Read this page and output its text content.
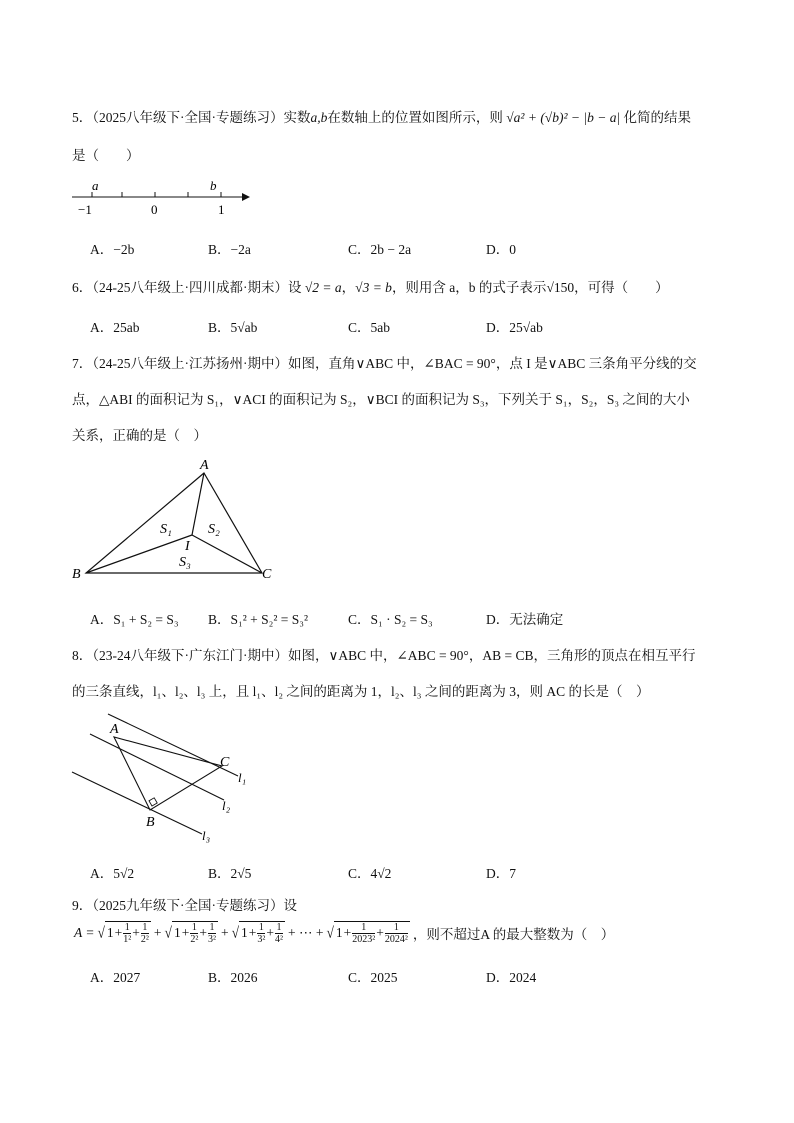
5．（2025八年级下·全国·专题练习）实数a,b在数轴上的位置如图所示，则 √a² + (√b)² − |b − a| 化简的结果
是（　　）
a	b
−1	0	1
A．−2b	B．−2a	C．2b − 2a	D．0
6．（24-25八年级上·四川成都·期末）设 √2 = a，√3 = b，则用含 a，b 的式子表示√150，可得（　　）
A．25ab	B．5√ab	C．5ab	D．25√ab
7．（24-25八年级上·江苏扬州·期中）如图，直角∨ABC 中，∠BAC = 90°，点 I 是∨ABC 三条角平分线的交
点，△ABI 的面积记为 S₁，∨ACI 的面积记为 S₂，∨BCI 的面积记为 S₃，下列关于 S₁，S₂，S₃ 之间的大小
关系，正确的是（　）
A
B	C
I
S₁	S₂
S₃
A．S₁ + S₂ = S₃ B．S₁² + S₂² = S₃²	C．S₁ · S₂ = S₃	D．无法确定
8．（23-24八年级下·广东江门·期中）如图，∨ABC 中，∠ABC = 90°，AB = CB，三角形的顶点在相互平行
的三条直线，l₁、l₂、l₃ 上，且 l₁、l₂ 之间的距离为 1，l₂、l₃ 之间的距离为 3，则 AC 的长是（　）
A
B
C
l₁
l₂
l₃
A．5√2	B．2√5	C．4√2	D．7
9．（2025九年级下·全国·专题练习）设
A = √ $1 + \frac{1}{\text{1²}} + \frac{1}{\text{2²}}$ + √ $1 + \frac{1}{\text{2²}} + \frac{1}{\text{3²}}$ + √ $1 + \frac{1}{\text{3²}} + \frac{1}{\text{4²}}$ + ⋯ + √ $1 + \frac{1}{\text{2023²}} + \frac{1}{\text{2024²}}$ ，则不超过A 的最大整数为（　）
A．2027	B．2026	C．2025	D．2024
